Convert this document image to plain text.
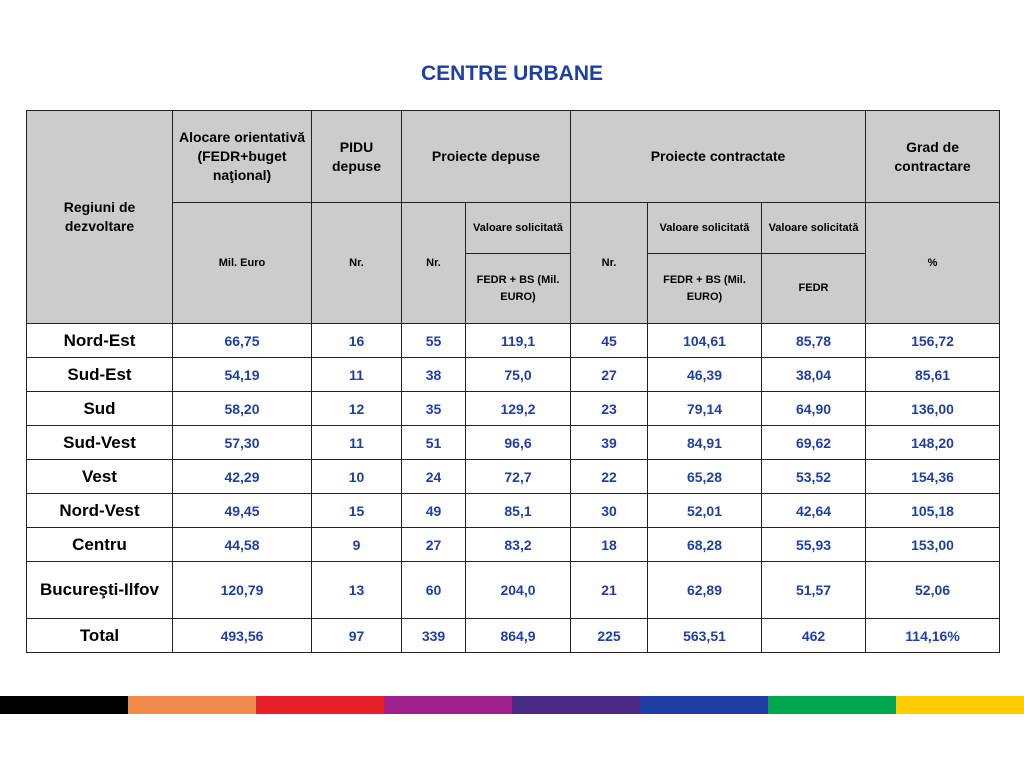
CENTRE URBANE
Regiuni de dezvoltare	Alocare orientativă (FEDR+buget naţional)	PIDU depuse	Proiecte depuse		Proiecte contractate			Grad de contractare
	Mil. Euro	Nr.	Nr.	Valoare solicitată	Nr.	Valoare solicitată	Valoare solicitată	%
				FEDR + BS (Mil. EURO)		FEDR + BS (Mil. EURO)	FEDR	
Nord-Est	66,75	16	55	119,1	45	104,61	85,78	156,72
Sud-Est	54,19	11	38	75,0	27	46,39	38,04	85,61
Sud	58,20	12	35	129,2	23	79,14	64,90	136,00
Sud-Vest	57,30	11	51	96,6	39	84,91	69,62	148,20
Vest	42,29	10	24	72,7	22	65,28	53,52	154,36
Nord-Vest	49,45	15	49	85,1	30	52,01	42,64	105,18
Centru	44,58	9	27	83,2	18	68,28	55,93	153,00
Bucureşti-Ilfov	120,79	13	60	204,0	21	62,89	51,57	52,06
Total	493,56	97	339	864,9	225	563,51	462	114,16%
